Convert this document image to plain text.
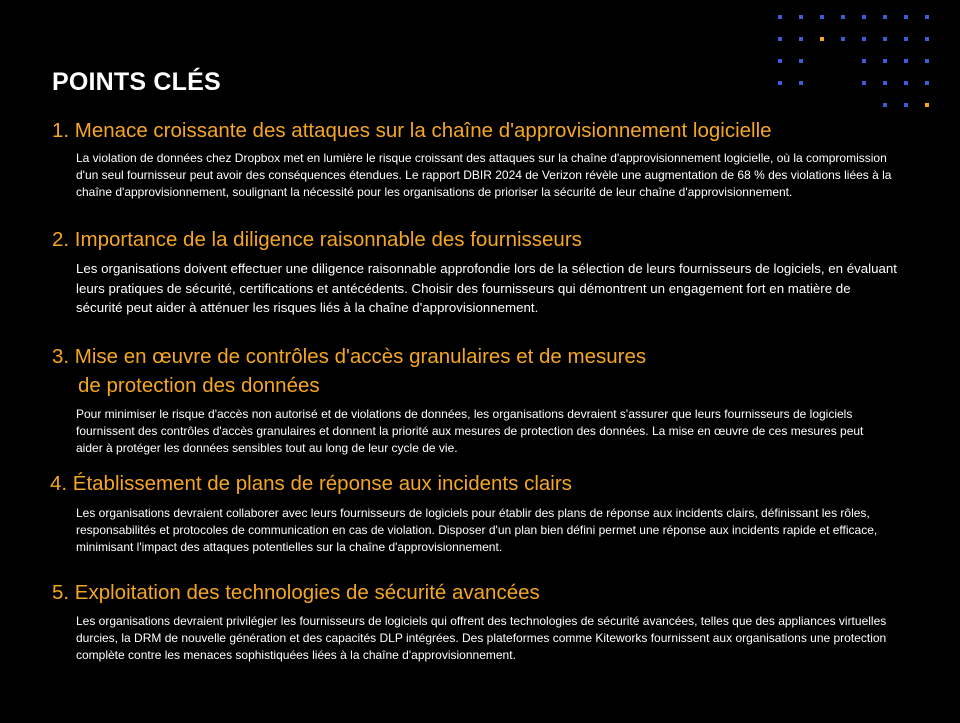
POINTS CLÉS
1. Menace croissante des attaques sur la chaîne d'approvisionnement logicielle

La violation de données chez Dropbox met en lumière le risque croissant des attaques sur la chaîne d'approvisionnement logicielle, où la compromission d'un seul fournisseur peut avoir des conséquences étendues. Le rapport DBIR 2024 de Verizon révèle une augmentation de 68 % des violations liées à la chaîne d'approvisionnement, soulignant la nécessité pour les organisations de prioriser la sécurité de leur chaîne d'approvisionnement.

2. Importance de la diligence raisonnable des fournisseurs

Les organisations doivent effectuer une diligence raisonnable approfondie lors de la sélection de leurs fournisseurs de logiciels, en évaluant leurs pratiques de sécurité, certifications et antécédents. Choisir des fournisseurs qui démontrent un engagement fort en matière de sécurité peut aider à atténuer les risques liés à la chaîne d'approvisionnement.

3. Mise en œuvre de contrôles d'accès granulaires et de mesures
de protection des données

Pour minimiser le risque d'accès non autorisé et de violations de données, les organisations devraient s'assurer que leurs fournisseurs de logiciels fournissent des contrôles d'accès granulaires et donnent la priorité aux mesures de protection des données. La mise en œuvre de ces mesures peut aider à protéger les données sensibles tout au long de leur cycle de vie.

4. Établissement de plans de réponse aux incidents clairs

Les organisations devraient collaborer avec leurs fournisseurs de logiciels pour établir des plans de réponse aux incidents clairs, définissant les rôles, responsabilités et protocoles de communication en cas de violation. Disposer d'un plan bien défini permet une réponse aux incidents rapide et efficace, minimisant l'impact des attaques potentielles sur la chaîne d'approvisionnement.

5. Exploitation des technologies de sécurité avancées

Les organisations devraient privilégier les fournisseurs de logiciels qui offrent des technologies de sécurité avancées, telles que des appliances virtuelles durcies, la DRM de nouvelle génération et des capacités DLP intégrées. Des plateformes comme Kiteworks fournissent aux organisations une protection complète contre les menaces sophistiquées liées à la chaîne d'approvisionnement.
